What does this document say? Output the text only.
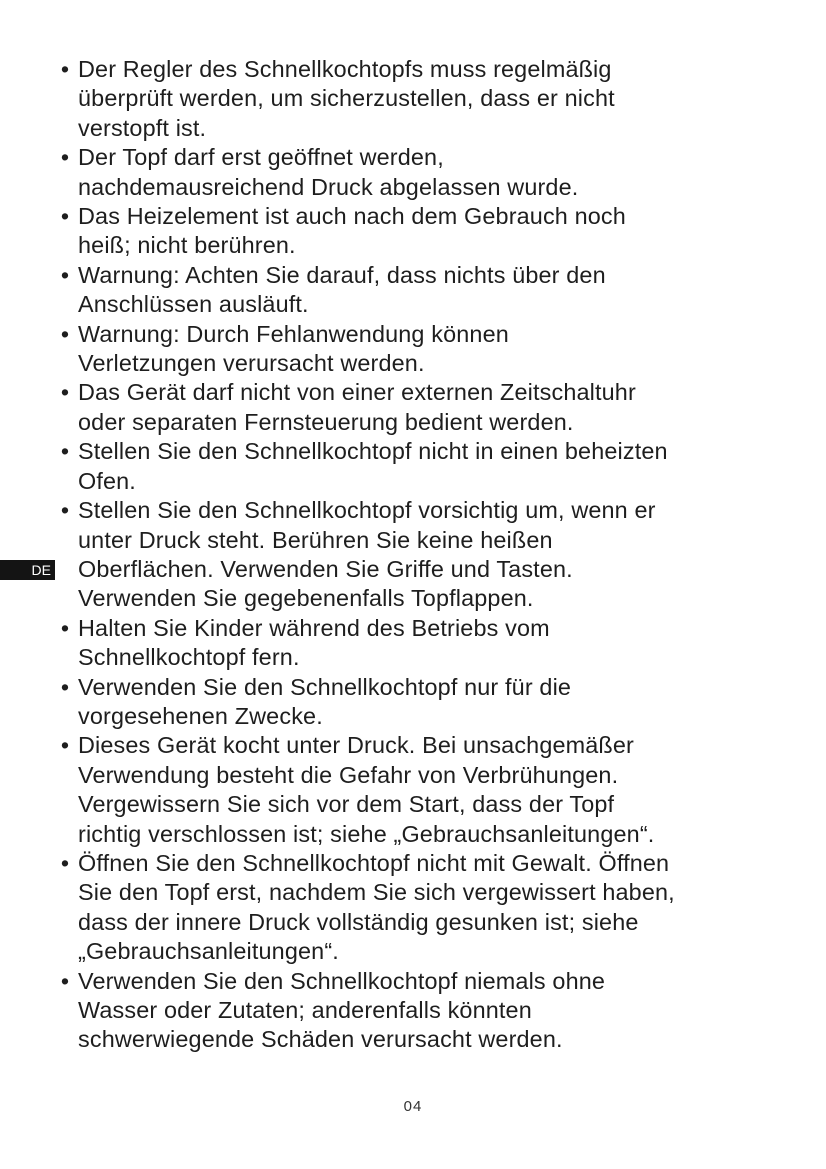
• Der Regler des Schnellkochtopfs muss regelmäßig
überprüft werden, um sicherzustellen, dass er nicht
verstopft ist.
• Der Topf darf erst geöffnet werden,
nachdemausreichend Druck abgelassen wurde.
• Das Heizelement ist auch nach dem Gebrauch noch
heiß; nicht berühren.
• Warnung: Achten Sie darauf, dass nichts über den
Anschlüssen ausläuft.
• Warnung: Durch Fehlanwendung können
Verletzungen verursacht werden.
• Das Gerät darf nicht von einer externen Zeitschaltuhr
oder separaten Fernsteuerung bedient werden.
• Stellen Sie den Schnellkochtopf nicht in einen beheizten
Ofen.
• Stellen Sie den Schnellkochtopf vorsichtig um, wenn er
unter Druck steht. Berühren Sie keine heißen
Oberflächen. Verwenden Sie Griffe und Tasten.
Verwenden Sie gegebenenfalls Topflappen.
• Halten Sie Kinder während des Betriebs vom
Schnellkochtopf fern.
• Verwenden Sie den Schnellkochtopf nur für die
vorgesehenen Zwecke.
• Dieses Gerät kocht unter Druck. Bei unsachgemäßer
Verwendung besteht die Gefahr von Verbrühungen.
Vergewissern Sie sich vor dem Start, dass der Topf
richtig verschlossen ist; siehe „Gebrauchsanleitungen“.
• Öffnen Sie den Schnellkochtopf nicht mit Gewalt. Öffnen
Sie den Topf erst, nachdem Sie sich vergewissert haben,
dass der innere Druck vollständig gesunken ist; siehe
„Gebrauchsanleitungen“.
• Verwenden Sie den Schnellkochtopf niemals ohne
Wasser oder Zutaten; anderenfalls könnten
schwerwiegende Schäden verursacht werden.
DE
04
